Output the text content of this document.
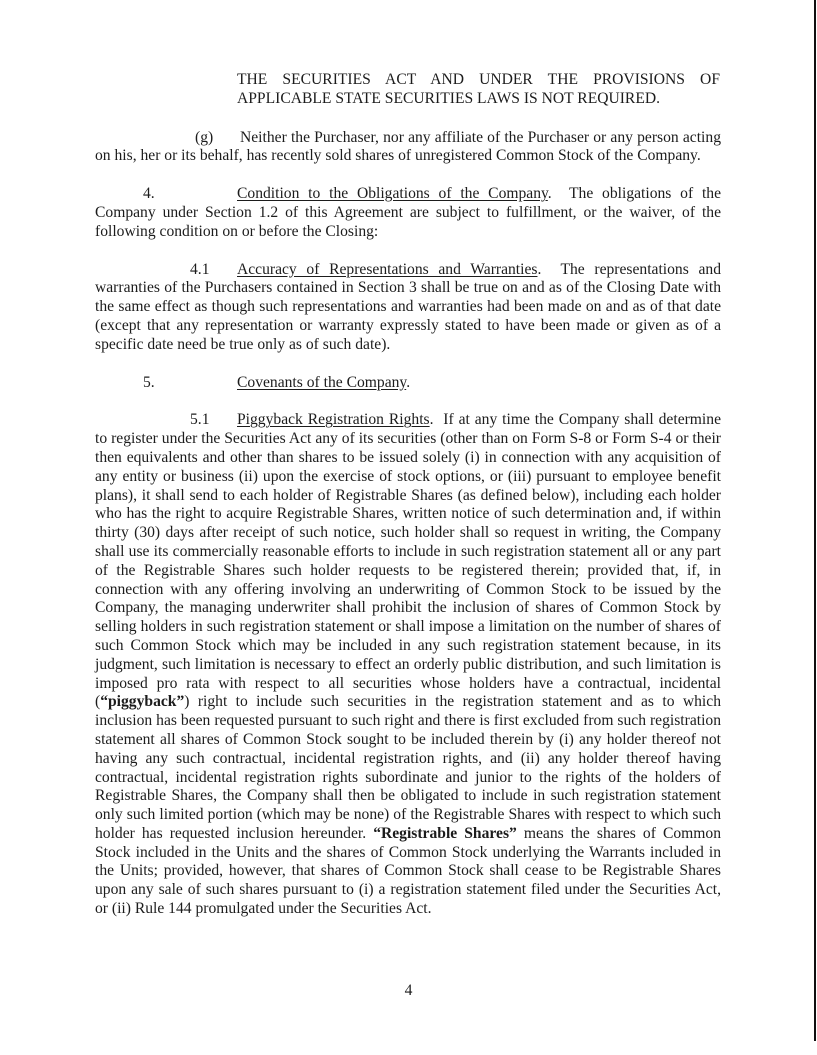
THE SECURITIES ACT AND UNDER THE PROVISIONS OF
APPLICABLE STATE SECURITIES LAWS IS NOT REQUIRED.

(g) Neither the Purchaser, nor any affiliate of the Purchaser or any person acting on his, her or its behalf, has recently sold shares of unregistered Common Stock of the Company.

4.	Condition to the Obligations of the Company.  The obligations of the Company under Section 1.2 of this Agreement are subject to fulfillment, or the waiver, of the following condition on or before the Closing:

4.1 Accuracy of Representations and Warranties.  The representations and warranties of the Purchasers contained in Section 3 shall be true on and as of the Closing Date with the same effect as though such representations and warranties had been made on and as of that date (except that any representation or warranty expressly stated to have been made or given as of a specific date need be true only as of such date).

5.	Covenants of the Company.

5.1 Piggyback Registration Rights.  If at any time the Company shall determine to register under the Securities Act any of its securities (other than on Form S-8 or Form S-4 or their then equivalents and other than shares to be issued solely (i) in connection with any acquisition of any entity or business (ii) upon the exercise of stock options, or (iii) pursuant to employee benefit plans), it shall send to each holder of Registrable Shares (as defined below), including each holder who has the right to acquire Registrable Shares, written notice of such determination and, if within thirty (30) days after receipt of such notice, such holder shall so request in writing, the Company shall use its commercially reasonable efforts to include in such registration statement all or any part of the Registrable Shares such holder requests to be registered therein; provided that, if, in connection with any offering involving an underwriting of Common Stock to be issued by the Company, the managing underwriter shall prohibit the inclusion of shares of Common Stock by selling holders in such registration statement or shall impose a limitation on the number of shares of such Common Stock which may be included in any such registration statement because, in its judgment, such limitation is necessary to effect an orderly public distribution, and such limitation is imposed pro rata with respect to all securities whose holders have a contractual, incidental (“piggyback”) right to include such securities in the registration statement and as to which inclusion has been requested pursuant to such right and there is first excluded from such registration statement all shares of Common Stock sought to be included therein by (i) any holder thereof not having any such contractual, incidental registration rights, and (ii) any holder thereof having contractual, incidental registration rights subordinate and junior to the rights of the holders of Registrable Shares, the Company shall then be obligated to include in such registration statement only such limited portion (which may be none) of the Registrable Shares with respect to which such holder has requested inclusion hereunder. “Registrable Shares” means the shares of Common Stock included in the Units and the shares of Common Stock underlying the Warrants included in the Units; provided, however, that shares of Common Stock shall cease to be Registrable Shares upon any sale of such shares pursuant to (i) a registration statement filed under the Securities Act, or (ii) Rule 144 promulgated under the Securities Act.

4
